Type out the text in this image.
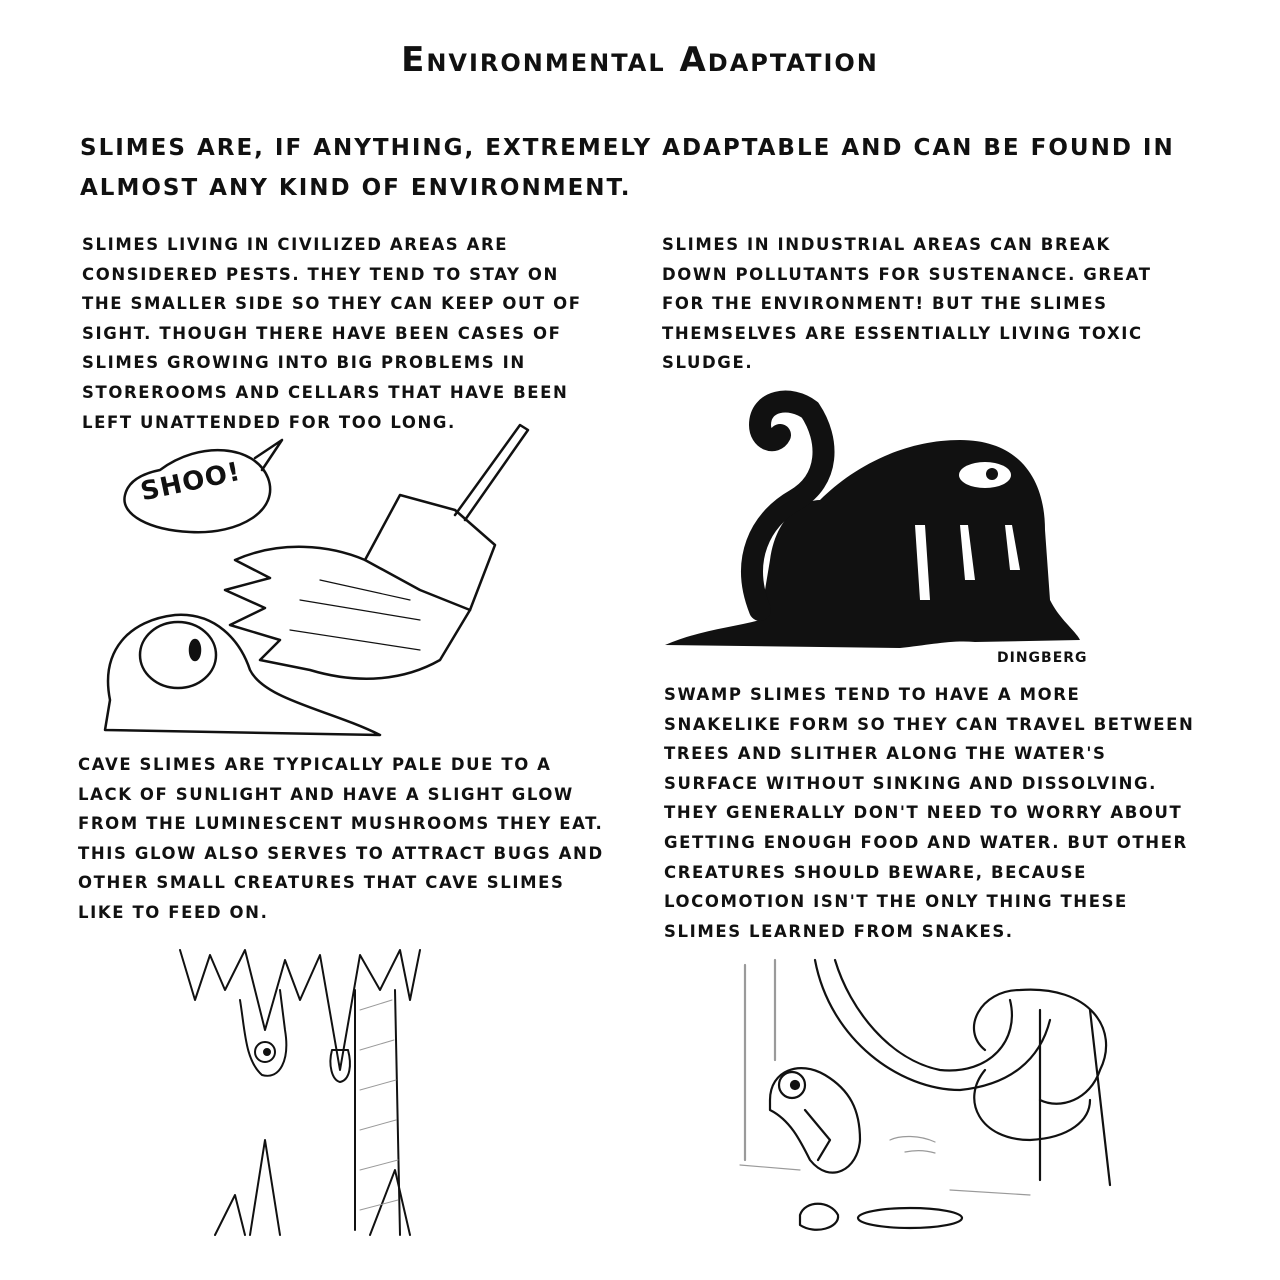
Environmental Adaptation
SLIMES ARE, IF ANYTHING, EXTREMELY ADAPTABLE AND CAN BE FOUND IN ALMOST ANY KIND OF ENVIRONMENT.
SLIMES LIVING IN CIVILIZED AREAS ARE CONSIDERED PESTS. THEY TEND TO STAY ON THE SMALLER SIDE SO THEY CAN KEEP OUT OF SIGHT. THOUGH THERE HAVE BEEN CASES OF SLIMES GROWING INTO BIG PROBLEMS IN STOREROOMS AND CELLARS THAT HAVE BEEN LEFT UNATTENDED FOR TOO LONG.
SLIMES IN INDUSTRIAL AREAS CAN BREAK DOWN POLLUTANTS FOR SUSTENANCE. GREAT FOR THE ENVIRONMENT! BUT THE SLIMES THEMSELVES ARE ESSENTIALLY LIVING TOXIC SLUDGE.
CAVE SLIMES ARE TYPICALLY PALE DUE TO A LACK OF SUNLIGHT AND HAVE A SLIGHT GLOW FROM THE LUMINESCENT MUSHROOMS THEY EAT. THIS GLOW ALSO SERVES TO ATTRACT BUGS AND OTHER SMALL CREATURES THAT CAVE SLIMES LIKE TO FEED ON.
SWAMP SLIMES TEND TO HAVE A MORE SNAKELIKE FORM SO THEY CAN TRAVEL BETWEEN TREES AND SLITHER ALONG THE WATER'S SURFACE WITHOUT SINKING AND DISSOLVING. THEY GENERALLY DON'T NEED TO WORRY ABOUT GETTING ENOUGH FOOD AND WATER. BUT OTHER CREATURES SHOULD BEWARE, BECAUSE LOCOMOTION ISN'T THE ONLY THING THESE SLIMES LEARNED FROM SNAKES.
SHOO!
DINGBERG
